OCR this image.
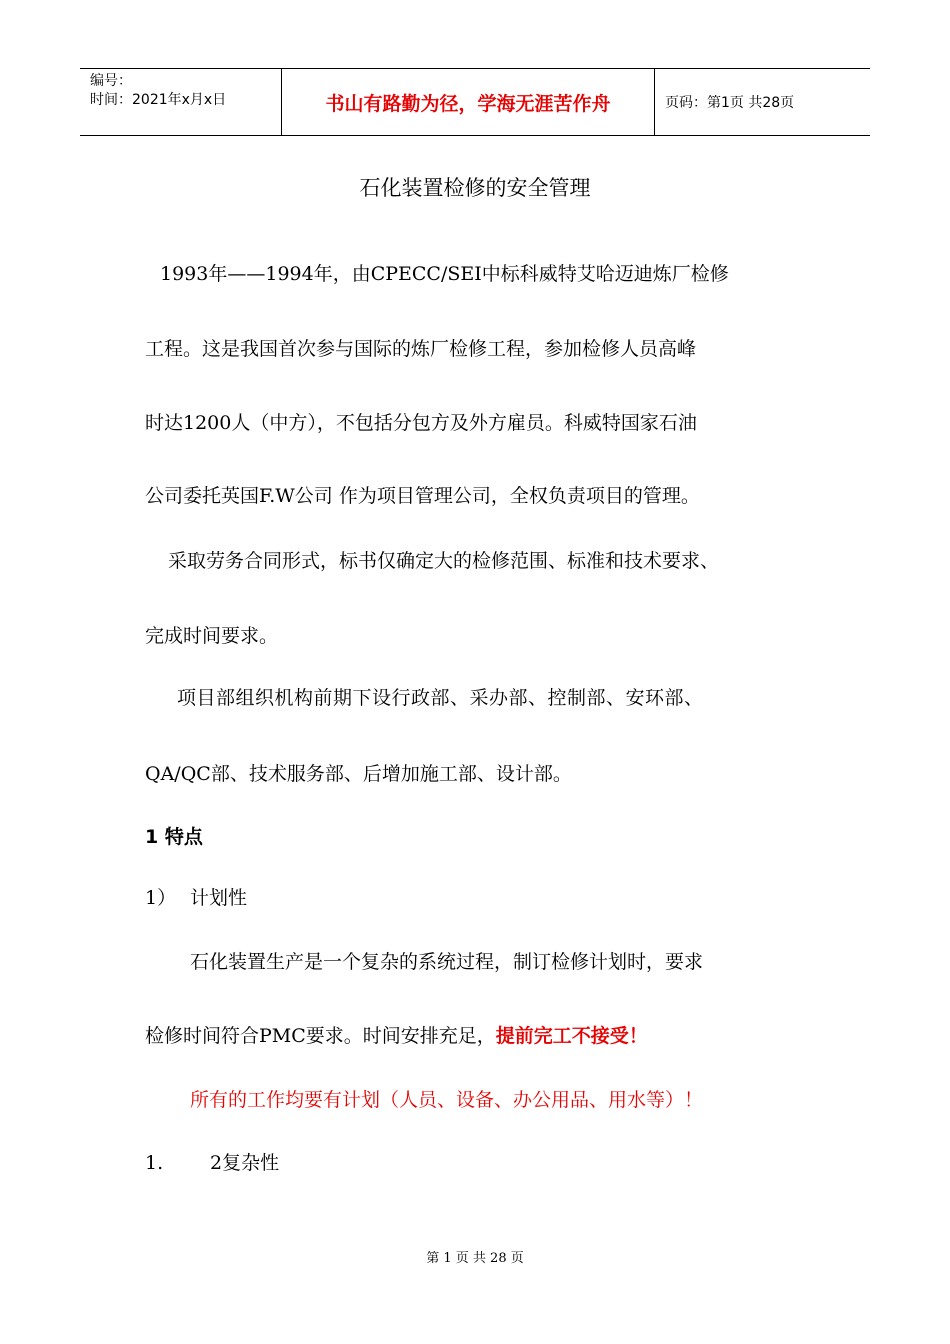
编号：
时间：2021年x月x日	书山有路勤为径，学海无涯苦作舟	页码：第1页 共28页
石化装置检修的安全管理
1993年——1994年，由CPECC/SEI中标科威特艾哈迈迪炼厂检修
工程。这是我国首次参与国际的炼厂检修工程，参加检修人员高峰
时达1200人（中方），不包括分包方及外方雇员。科威特国家石油
公司委托英国F.W公司 作为项目管理公司，全权负责项目的管理。
采取劳务合同形式，标书仅确定大的检修范围、标准和技术要求、
完成时间要求。
项目部组织机构前期下设行政部、采办部、控制部、安环部、
QA/QC部、技术服务部、后增加施工部、设计部。
1 特点
1） 计划性
石化装置生产是一个复杂的系统过程，制订检修计划时，要求
检修时间符合PMC要求。时间安排充足，提前完工不接受！
所有的工作均要有计划（人员、设备、办公用品、用水等）！
1. 2复杂性
第 1 页 共 28 页
